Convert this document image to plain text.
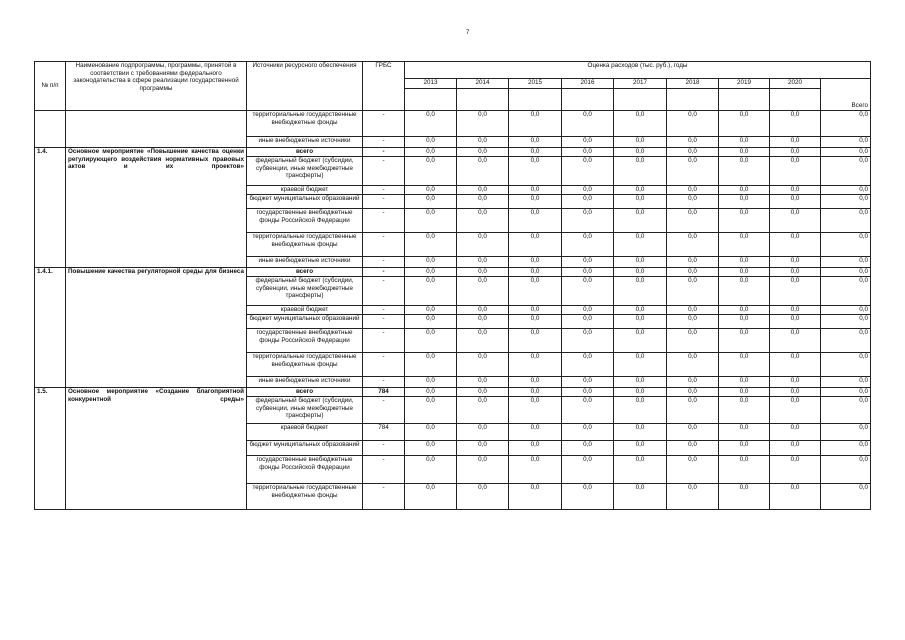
7
№ п/п	Наименование подпрограммы, программы, принятой в соответствии с требованиями федерального законодательства в сфере реализации государственной программы	Источники ресурсного обеспечения	ГРБС	Оценка расходов (тыс. руб.), годы								
				2013	2014	2015	2016	2017	2018	2019	2020	Всего

		территориальные государственные внебюджетные фонды	-	0,0	0,0	0,0	0,0	0,0	0,0	0,0	0,0	0,0
		иные внебюджетные источники	-	0,0	0,0	0,0	0,0	0,0	0,0	0,0	0,0	0,0
1.4.	Основное мероприятие «Повышение качества оценки регулирующего воздействия нормативных правовых актов и их проектов»	всего	-	0,0	0,0	0,0	0,0	0,0	0,0	0,0	0,0	0,0
		федеральный бюджет (субсидии, субвенции, иные межбюджетные трансферты)	-	0,0	0,0	0,0	0,0	0,0	0,0	0,0	0,0	0,0
		краевой бюджет	-	0,0	0,0	0,0	0,0	0,0	0,0	0,0	0,0	0,0
		бюджет муниципальных образований	-	0,0	0,0	0,0	0,0	0,0	0,0	0,0	0,0	0,0
		государственные внебюджетные фонды Российской Федерации	-	0,0	0,0	0,0	0,0	0,0	0,0	0,0	0,0	0,0
		территориальные государственные внебюджетные фонды	-	0,0	0,0	0,0	0,0	0,0	0,0	0,0	0,0	0,0
		иные внебюджетные источники	-	0,0	0,0	0,0	0,0	0,0	0,0	0,0	0,0	0,0
1.4.1.	Повышение качества регуляторной среды для бизнеса	всего	-	0,0	0,0	0,0	0,0	0,0	0,0	0,0	0,0	0,0
		федеральный бюджет (субсидии, субвенции, иные межбюджетные трансферты)	-	0,0	0,0	0,0	0,0	0,0	0,0	0,0	0,0	0,0
		краевой бюджет	-	0,0	0,0	0,0	0,0	0,0	0,0	0,0	0,0	0,0
		бюджет муниципальных образований	-	0,0	0,0	0,0	0,0	0,0	0,0	0,0	0,0	0,0
		государственные внебюджетные фонды Российской Федерации	-	0,0	0,0	0,0	0,0	0,0	0,0	0,0	0,0	0,0
		территориальные государственные внебюджетные фонды	-	0,0	0,0	0,0	0,0	0,0	0,0	0,0	0,0	0,0
		иные внебюджетные источники	-	0,0	0,0	0,0	0,0	0,0	0,0	0,0	0,0	0,0
1.5.	Основное мероприятие «Создание благоприятной конкурентной среды»	всего	784	0,0	0,0	0,0	0,0	0,0	0,0	0,0	0,0	0,0
		федеральный бюджет (субсидии, субвенции, иные межбюджетные трансферты)	-	0,0	0,0	0,0	0,0	0,0	0,0	0,0	0,0	0,0
		краевой бюджет	784	0,0	0,0	0,0	0,0	0,0	0,0	0,0	0,0	0,0
		бюджет муниципальных образований	-	0,0	0,0	0,0	0,0	0,0	0,0	0,0	0,0	0,0
		государственные внебюджетные фонды Российской Федерации	-	0,0	0,0	0,0	0,0	0,0	0,0	0,0	0,0	0,0
		территориальные государственные внебюджетные фонды	-	0,0	0,0	0,0	0,0	0,0	0,0	0,0	0,0	0,0
